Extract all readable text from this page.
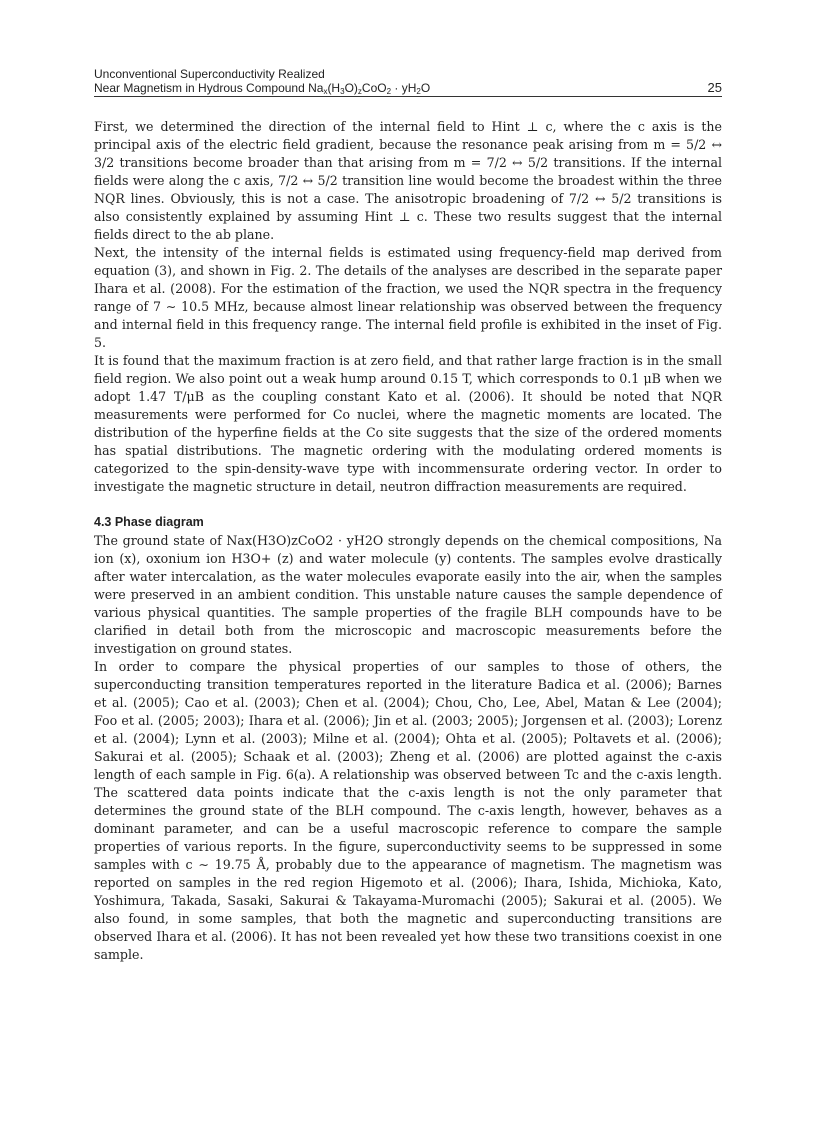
Unconventional Superconductivity Realized
Near Magnetism in Hydrous Compound $Na_x(H_3O)_zCoO_2 \cdot yH_2O$	25

First, we determined the direction of the internal field to Hint ⊥ c, where the c axis is the principal axis of the electric field gradient, because the resonance peak arising from m = 5/2 ↔ 3/2 transitions become broader than that arising from m = 7/2 ↔ 5/2 transitions. If the internal fields were along the c axis, 7/2 ↔ 5/2 transition line would become the broadest within the three NQR lines. Obviously, this is not a case. The anisotropic broadening of 7/2 ↔ 5/2 transitions is also consistently explained by assuming Hint ⊥ c. These two results suggest that the internal fields direct to the ab plane.

Next, the intensity of the internal fields is estimated using frequency-field map derived from equation (3), and shown in Fig. 2. The details of the analyses are described in the separate paper Ihara et al. (2008). For the estimation of the fraction, we used the NQR spectra in the frequency range of 7 ∼ 10.5 MHz, because almost linear relationship was observed between the frequency and internal field in this frequency range. The internal field profile is exhibited in the inset of Fig. 5.

It is found that the maximum fraction is at zero field, and that rather large fraction is in the small field region. We also point out a weak hump around 0.15 T, which corresponds to 0.1 μB when we adopt 1.47 T/μB as the coupling constant Kato et al. (2006). It should be noted that NQR measurements were performed for Co nuclei, where the magnetic moments are located. The distribution of the hyperfine fields at the Co site suggests that the size of the ordered moments has spatial distributions. The magnetic ordering with the modulating ordered moments is categorized to the spin-density-wave type with incommensurate ordering vector. In order to investigate the magnetic structure in detail, neutron diffraction measurements are required.

4.3 Phase diagram

The ground state of Nax(H3O)zCoO2 · yH2O strongly depends on the chemical compositions, Na ion (x), oxonium ion H3O+ (z) and water molecule (y) contents. The samples evolve drastically after water intercalation, as the water molecules evaporate easily into the air, when the samples were preserved in an ambient condition. This unstable nature causes the sample dependence of various physical quantities. The sample properties of the fragile BLH compounds have to be clarified in detail both from the microscopic and macroscopic measurements before the investigation on ground states.

In order to compare the physical properties of our samples to those of others, the superconducting transition temperatures reported in the literature Badica et al. (2006); Barnes et al. (2005); Cao et al. (2003); Chen et al. (2004); Chou, Cho, Lee, Abel, Matan & Lee (2004); Foo et al. (2005; 2003); Ihara et al. (2006); Jin et al. (2003; 2005); Jorgensen et al. (2003); Lorenz et al. (2004); Lynn et al. (2003); Milne et al. (2004); Ohta et al. (2005); Poltavets et al. (2006); Sakurai et al. (2005); Schaak et al. (2003); Zheng et al. (2006) are plotted against the c-axis length of each sample in Fig. 6(a). A relationship was observed between Tc and the c-axis length. The scattered data points indicate that the c-axis length is not the only parameter that determines the ground state of the BLH compound. The c-axis length, however, behaves as a dominant parameter, and can be a useful macroscopic reference to compare the sample properties of various reports. In the figure, superconductivity seems to be suppressed in some samples with c ∼ 19.75 Å, probably due to the appearance of magnetism. The magnetism was reported on samples in the red region Higemoto et al. (2006); Ihara, Ishida, Michioka, Kato, Yoshimura, Takada, Sasaki, Sakurai & Takayama-Muromachi (2005); Sakurai et al. (2005). We also found, in some samples, that both the magnetic and superconducting transitions are observed Ihara et al. (2006). It has not been revealed yet how these two transitions coexist in one sample.
